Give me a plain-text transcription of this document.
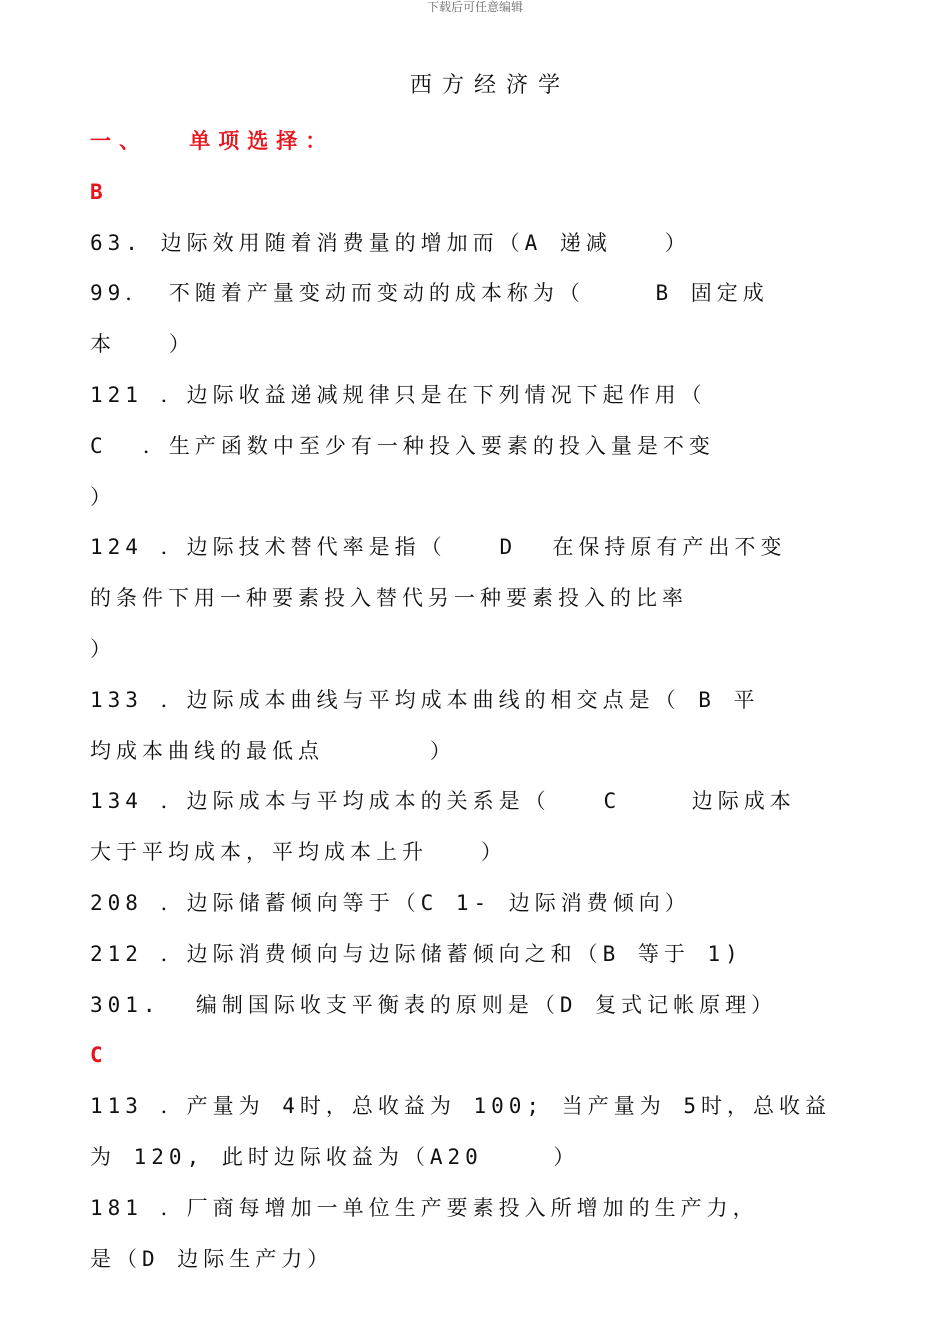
下载后可任意编辑
西方经济学
一、  单项选择：
B
63. 边际效用随着消费量的增加而（A 递减   ）
99． 不随着产量变动而变动的成本称为（    B 固定成
本   ）
121 ．边际收益递减规律只是在下列情况下起作用（
C  ．生产函数中至少有一种投入要素的投入量是不变
）
124 ．边际技术替代率是指（   D  在保持原有产出不变
的条件下用一种要素投入替代另一种要素投入的比率
）
133 ．边际成本曲线与平均成本曲线的相交点是（ B 平
均成本曲线的最低点      ）
134 ．边际成本与平均成本的关系是（   C    边际成本
大于平均成本，平均成本上升   ）
208 ．边际储蓄倾向等于（C 1- 边际消费倾向）
212 ．边际消费倾向与边际储蓄倾向之和（B 等于 1)
301.  编制国际收支平衡表的原则是（D 复式记帐原理）
C
113 ．产量为 4时，总收益为 100; 当产量为 5时，总收益
为 120, 此时边际收益为（A20    ）
181 ．厂商每增加一单位生产要素投入所增加的生产力，
是（D 边际生产力）
